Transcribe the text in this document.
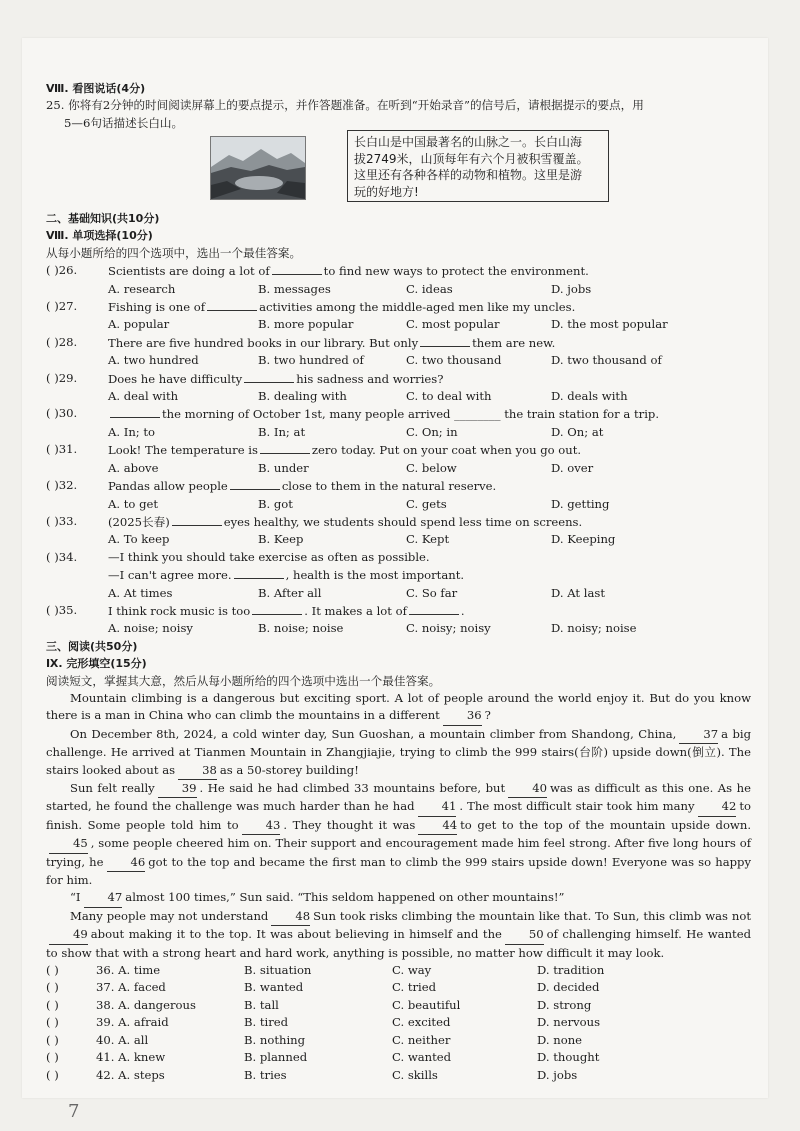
Ⅷ. 看图说话(4分)
25. 你将有2分钟的时间阅读屏幕上的要点提示，并作答题准备。在听到“开始录音”的信号后，请根据提示的要点，用
5—6句话描述长白山。
长白山是中国最著名的山脉之一。长白山海
拔2749米，山顶每年有六个月被积雪覆盖。
这里还有各种各样的动物和植物。这里是游
玩的好地方!
二、基础知识(共10分)
Ⅷ. 单项选择(10分)
从每小题所给的四个选项中，选出一个最佳答案。
( )26.	Scientists are doing a lot of	to find new ways to protect the environment.
A. research	B. messages	C. ideas	D. jobs
( )27.	Fishing is one of	activities among the middle-aged men like my uncles.
A. popular	B. more popular	C. most popular	D. the most popular
( )28.	There are five hundred books in our library. But only	them are new.
A. two hundred	B. two hundred of	C. two thousand	D. two thousand of
( )29.	Does he have difficulty	his sadness and worries?
A. deal with	B. dealing with	C. to deal with	D. deals with
( )30.	the morning of October 1st, many people arrived ________ the train station for a trip.
A. In; to	B. In; at	C. On; in	D. On; at
( )31.	Look! The temperature is	zero today. Put on your coat when you go out.
A. above	B. under	C. below	D. over
( )32.	Pandas allow people	close to them in the natural reserve.
A. to get	B. got	C. gets	D. getting
( )33.	(2025长春)	eyes healthy, we students should spend less time on screens.
A. To keep	B. Keep	C. Kept	D. Keeping
( )34.	—I think you should take exercise as often as possible.
—I can't agree more.	, health is the most important.
A. At times	B. After all	C. So far	D. At last
( )35.	I think rock music is too	. It makes a lot of	.
A. noise; noisy	B. noise; noise	C. noisy; noisy	D. noisy; noise
三、阅读(共50分)
Ⅸ. 完形填空(15分)
阅读短文，掌握其大意，然后从每小题所给的四个选项中选出一个最佳答案。
Mountain climbing is a dangerous but exciting sport. A lot of people around the world enjoy it. But do you know there is a man in China who can climb the mountains in a different 36 ?
On December 8th, 2024, a cold winter day, Sun Guoshan, a mountain climber from Shandong, China, 37 a big challenge. He arrived at Tianmen Mountain in Zhangjiajie, trying to climb the 999 stairs(台阶) upside down(倒立). The stairs looked about as 38 as a 50-storey building!
Sun felt really 39 . He said he had climbed 33 mountains before, but 40 was as difficult as this one. As he started, he found the challenge was much harder than he had 41 . The most difficult stair took him many 42 to finish. Some people told him to 43 . They thought it was 44 to get to the top of the mountain upside down.45 , some people cheered him on. Their support and encouragement made him feel strong. After five long hours of trying, he 46 got to the top and became the first man to climb the 999 stairs upside down! Everyone was so happy for him.
“I 47 almost 100 times,” Sun said. “This seldom happened on other mountains!”
Many people may not understand 48 Sun took risks climbing the mountain like that. To Sun, this climb was not49 about making it to the top. It was about believing in himself and the 50 of challenging himself. He wanted to show that with a strong heart and hard work, anything is possible, no matter how difficult it may look.
( )	36. A. time	B. situation	C. way	D. tradition
( )	37. A. faced	B. wanted	C. tried	D. decided
( )	38. A. dangerous	B. tall	C. beautiful	D. strong
( )	39. A. afraid	B. tired	C. excited	D. nervous
( )	40. A. all	B. nothing	C. neither	D. none
( )	41. A. knew	B. planned	C. wanted	D. thought
( )	42. A. steps	B. tries	C. skills	D. jobs
7
